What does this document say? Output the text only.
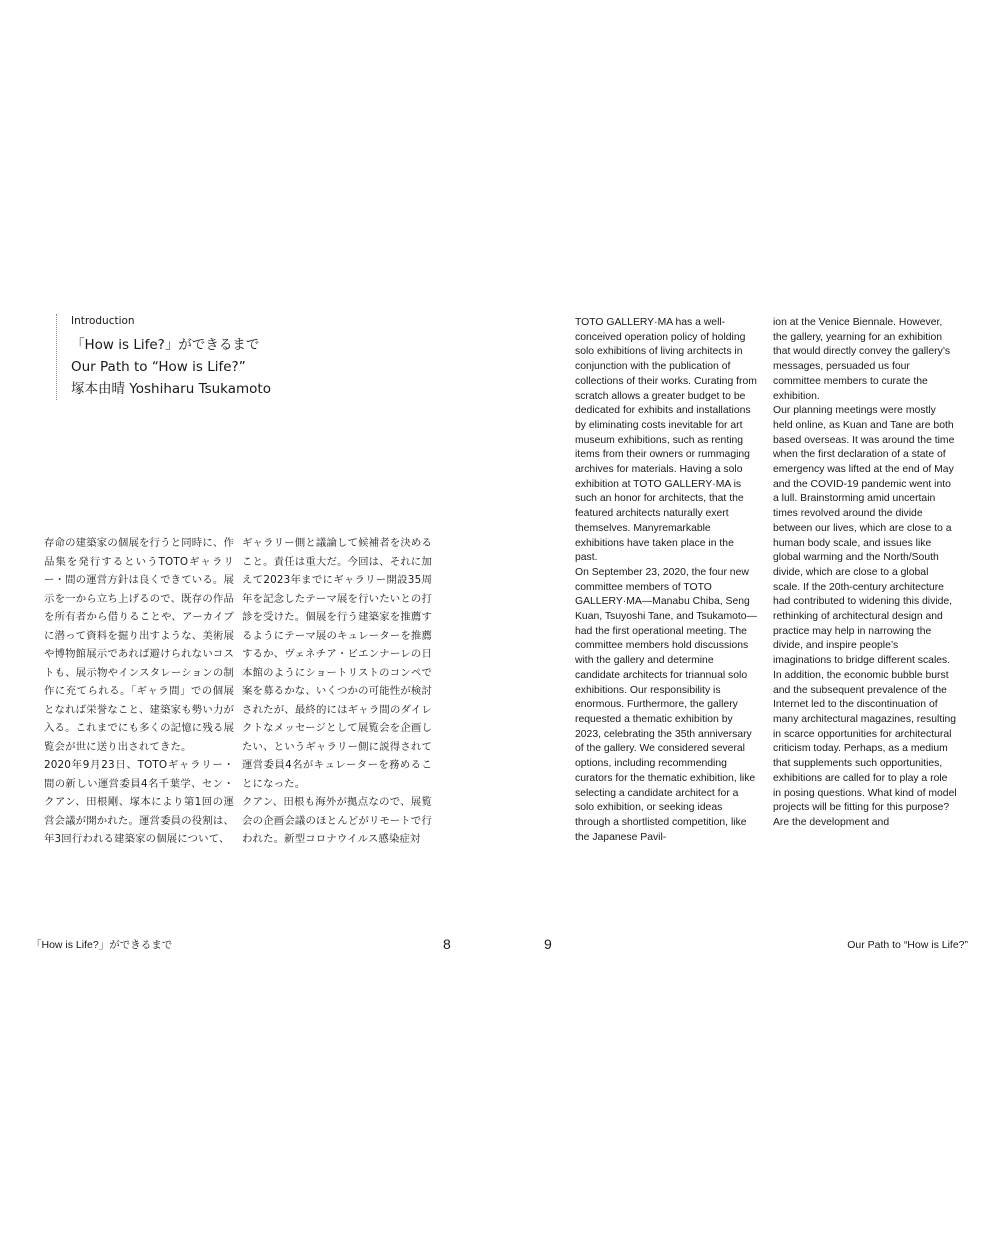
Introduction

「How is Life?」ができるまで
Our Path to “How is Life?”

塚本由晴 Yoshiharu Tsukamoto

存命の建築家の個展を行うと同時に、作品集を発行するというTOTOギャラリー・間の運営方針は良くできている。展示を一から立ち上げるので、既存の作品を所有者から借りることや、アーカイブに潜って資料を掘り出すような、美術展や博物館展示であれば避けられないコストも、展示物やインスタレーションの制作に充てられる。「ギャラ間」での個展となれば栄誉なこと、建築家も勢い力が入る。これまでにも多くの記憶に残る展覧会が世に送り出されてきた。

2020年9月23日、TOTOギャラリー・間の新しい運営委員4名千葉学、セン・クアン、田根剛、塚本により第1回の運営会議が開かれた。運営委員の役割は、年3回行われる建築家の個展について、

ギャラリー側と議論して候補者を決めること。責任は重大だ。今回は、それに加えて2023年までにギャラリー開設35周年を記念したテーマ展を行いたいとの打診を受けた。個展を行う建築家を推薦するようにテーマ展のキュレーターを推薦するか、ヴェネチア・ビエンナーレの日本館のようにショートリストのコンペで案を募るかな、いくつかの可能性が検討されたが、最終的にはギャラ間のダイレクトなメッセージとして展覧会を企画したい、というギャラリー側に説得されて運営委員4名がキュレーターを務めることになった。

クアン、田根も海外が拠点なので、展覧会の企画会議のほとんどがリモートで行われた。新型コロナウイルス感染症対

TOTO GALLERY·MA has a well-conceived operation policy of holding solo exhibitions of living architects in conjunction with the publication of collections of their works. Curating from scratch allows a greater budget to be dedicated for exhibits and installations by eliminating costs inevitable for art museum exhibitions, such as renting items from their owners or rummaging archives for materials. Having a solo exhibition at TOTO GALLERY·MA is such an honor for architects, that the featured architects naturally exert themselves. Manyremarkable exhibitions have taken place in the past.

On September 23, 2020, the four new committee members of TOTO GALLERY·MA—Manabu Chiba, Seng Kuan, Tsuyoshi Tane, and Tsukamoto—had the first operational meeting. The committee members hold discussions with the gallery and determine candidate architects for triannual solo exhibitions. Our responsibility is enormous. Furthermore, the gallery requested a thematic exhibition by 2023, celebrating the 35th anniversary of the gallery. We considered several options, including recommending curators for the thematic exhibition, like selecting a candidate architect for a solo exhibition, or seeking ideas through a shortlisted competition, like the Japanese Pavil-

ion at the Venice Biennale. However, the gallery, yearning for an exhibition that would directly convey the gallery’s messages, persuaded us four committee members to curate the exhibition.

Our planning meetings were mostly held online, as Kuan and Tane are both based overseas. It was around the time when the first declaration of a state of emergency was lifted at the end of May and the COVID-19 pandemic went into a lull. Brainstorming amid uncertain times revolved around the divide between our lives, which are close to a human body scale, and issues like global warming and the North/South divide, which are close to a global scale. If the 20th-century architecture had contributed to widening this divide, rethinking of architectural design and practice may help in narrowing the divide, and inspire people’s imaginations to bridge different scales. In addition, the economic bubble burst and the subsequent prevalence of the Internet led to the discontinuation of many architectural magazines, resulting in scarce opportunities for architectural criticism today. Perhaps, as a medium that supplements such opportunities, exhibitions are called for to play a role in posing questions. What kind of model projects will be fitting for this purpose? Are the development and

「How is Life?」ができるまで	8	9	Our Path to “How is Life?”
